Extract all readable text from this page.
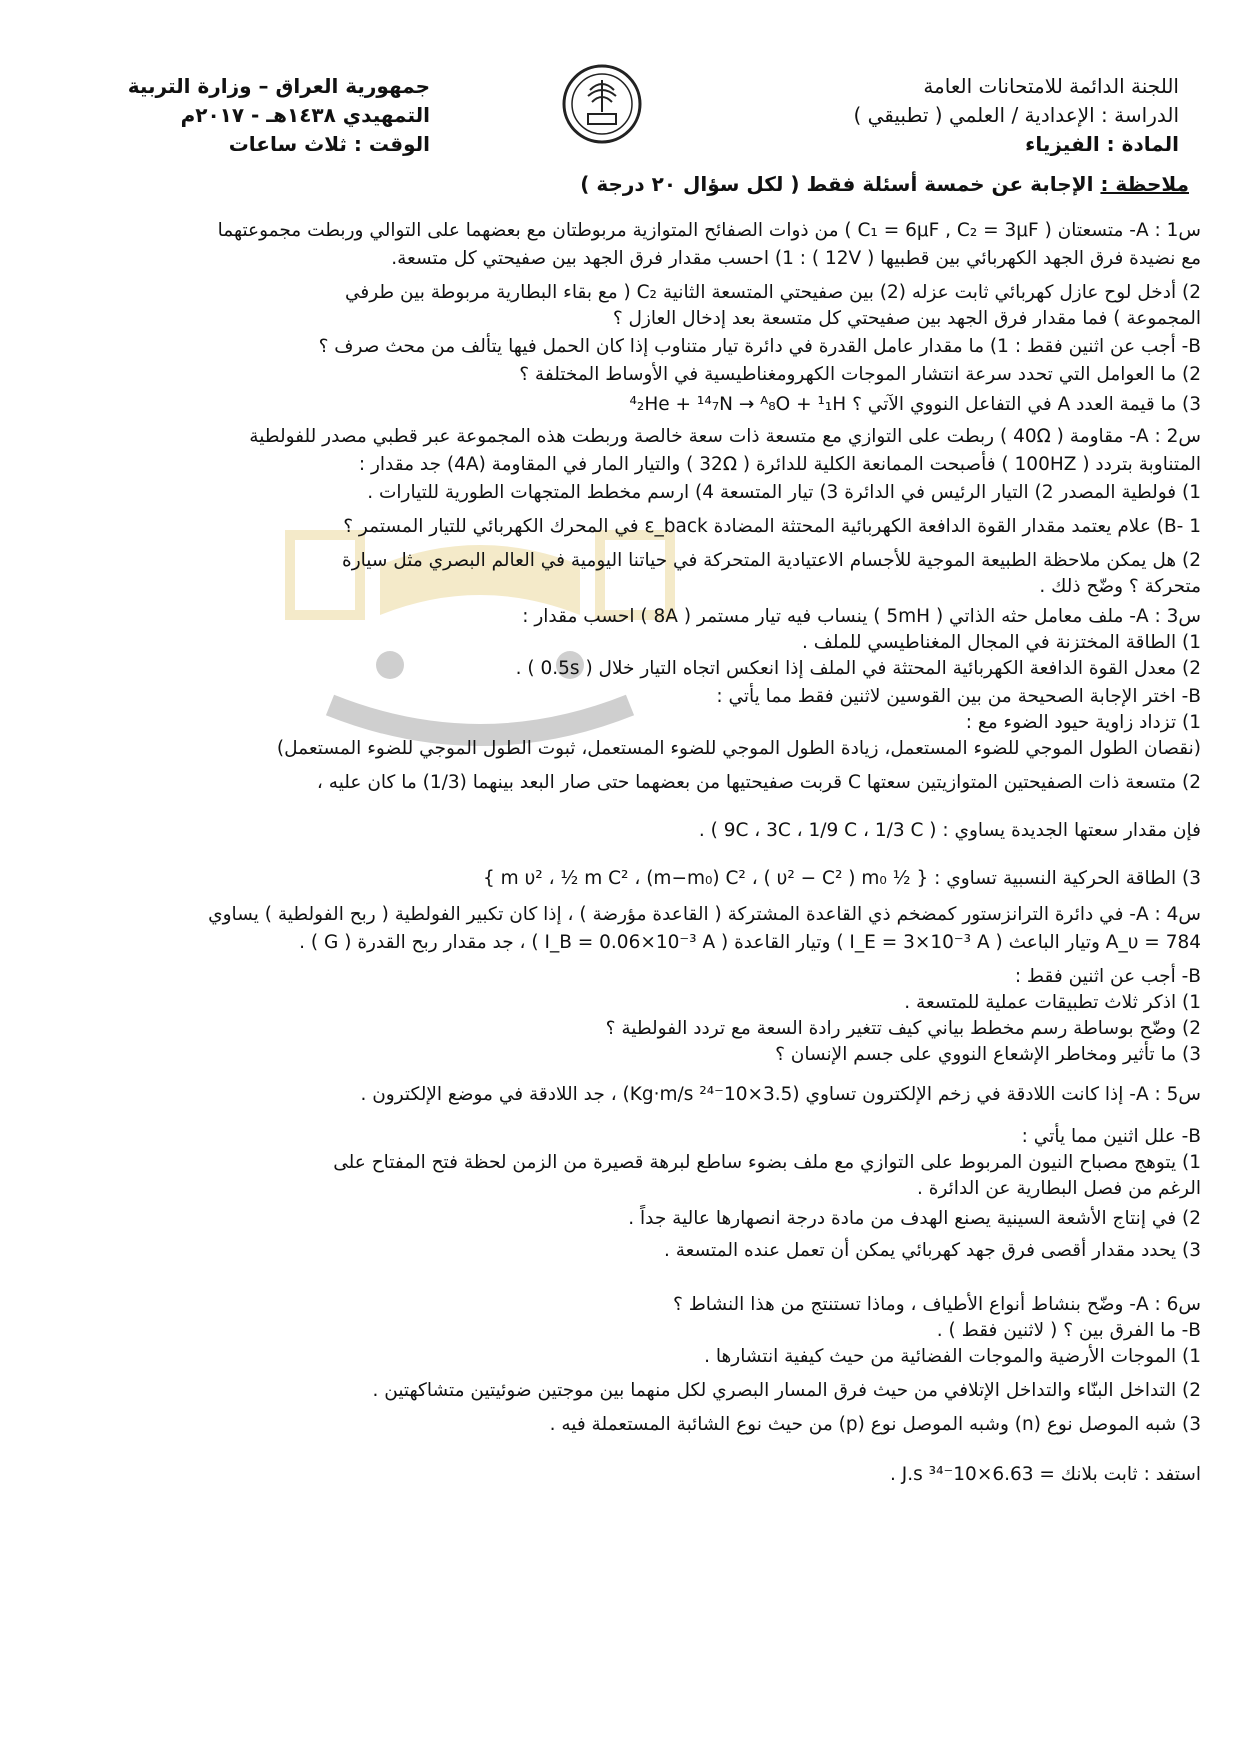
اللجنة الدائمة للامتحانات العامة
الدراسة : الإعدادية / العلمي ( تطبيقي )
المادة : الفيزياء
جمهورية العراق – وزارة التربية
التمهيدي ١٤٣٨هـ - ٢٠١٧م
الوقت : ثلاث ساعات
ملاحظة : الإجابة عن خمسة أسئلة فقط ( لكل سؤال ٢٠ درجة )
س1 : A- متسعتان ( C₁ = 6μF , C₂ = 3μF ) من ذوات الصفائح المتوازية مربوطتان مع بعضهما على التوالي وربطت مجموعتهما
مع نضيدة فرق الجهد الكهربائي بين قطبيها ( 12V ) : 1) احسب مقدار فرق الجهد بين صفيحتي كل متسعة.
2) أدخل لوح عازل كهربائي ثابت عزله (2) بين صفيحتي المتسعة الثانية C₂ ( مع بقاء البطارية مربوطة بين طرفي
المجموعة ) فما مقدار فرق الجهد بين صفيحتي كل متسعة بعد إدخال العازل ؟
B- أجب عن اثنين فقط : 1) ما مقدار عامل القدرة في دائرة تيار متناوب إذا كان الحمل فيها يتألف من محث صرف ؟
2) ما العوامل التي تحدد سرعة انتشار الموجات الكهرومغناطيسية في الأوساط المختلفة ؟
3) ما قيمة العدد A في التفاعل النووي الآتي ؟ ⁴₂He + ¹⁴₇N → ᴬ₈O + ¹₁H
س2 : A- مقاومة ( 40Ω ) ربطت على التوازي مع متسعة ذات سعة خالصة وربطت هذه المجموعة عبر قطبي مصدر للفولطية
المتناوبة بتردد ( 100HZ ) فأصبحت الممانعة الكلية للدائرة ( 32Ω ) والتيار المار في المقاومة (4A) جد مقدار :
1) فولطية المصدر 2) التيار الرئيس في الدائرة 3) تيار المتسعة 4) ارسم مخطط المتجهات الطورية للتيارات .
B- 1) علام يعتمد مقدار القوة الدافعة الكهربائية المحتثة المضادة ε_back في المحرك الكهربائي للتيار المستمر ؟
2) هل يمكن ملاحظة الطبيعة الموجية للأجسام الاعتيادية المتحركة في حياتنا اليومية في العالم البصري مثل سيارة
متحركة ؟ وضّح ذلك .
س3 : A- ملف معامل حثه الذاتي ( 5mH ) ينساب فيه تيار مستمر ( 8A ) احسب مقدار :
1) الطاقة المختزنة في المجال المغناطيسي للملف .
2) معدل القوة الدافعة الكهربائية المحتثة في الملف إذا انعكس اتجاه التيار خلال ( 0.5s ) .
B- اختر الإجابة الصحيحة من بين القوسين لاثنين فقط مما يأتي :
1) تزداد زاوية حيود الضوء مع :
(نقصان الطول الموجي للضوء المستعمل، زيادة الطول الموجي للضوء المستعمل، ثبوت الطول الموجي للضوء المستعمل)
2) متسعة ذات الصفيحتين المتوازيتين سعتها C قربت صفيحتيها من بعضهما حتى صار البعد بينهما (1/3) ما كان عليه ،
فإن مقدار سعتها الجديدة يساوي : ( 9C ، 3C ، 1/9 C ، 1/3 C ) .
3) الطاقة الحركية النسبية تساوي : { ½ m υ² ، ½ m C² ، (m−m₀) C² ، ( υ² − C² ) m₀ }
س4 : A- في دائرة الترانزستور كمضخم ذي القاعدة المشتركة ( القاعدة مؤرضة ) ، إذا كان تكبير الفولطية ( ربح الفولطية ) يساوي
784 = A_υ وتيار الباعث ( I_E = 3×10⁻³ A ) وتيار القاعدة ( I_B = 0.06×10⁻³ A ) ، جد مقدار ربح القدرة ( G ) .
B- أجب عن اثنين فقط :
1) اذكر ثلاث تطبيقات عملية للمتسعة .
2) وضّح بوساطة رسم مخطط بياني كيف تتغير رادة السعة مع تردد الفولطية ؟
3) ما تأثير ومخاطر الإشعاع النووي على جسم الإنسان ؟
س5 : A- إذا كانت اللادقة في زخم الإلكترون تساوي (3.5×10⁻²⁴ Kg·m/s) ، جد اللادقة في موضع الإلكترون .
B- علل اثنين مما يأتي :
1) يتوهج مصباح النيون المربوط على التوازي مع ملف بضوء ساطع لبرهة قصيرة من الزمن لحظة فتح المفتاح على
الرغم من فصل البطارية عن الدائرة .
2) في إنتاج الأشعة السينية يصنع الهدف من مادة درجة انصهارها عالية جداً .
3) يحدد مقدار أقصى فرق جهد كهربائي يمكن أن تعمل عنده المتسعة .
س6 : A- وضّح بنشاط أنواع الأطياف ، وماذا تستنتج من هذا النشاط ؟
B- ما الفرق بين ؟ ( لاثنين فقط ) .
1) الموجات الأرضية والموجات الفضائية من حيث كيفية انتشارها .
2) التداخل البنّاء والتداخل الإتلافي من حيث فرق المسار البصري لكل منهما بين موجتين ضوئيتين متشاكهتين .
3) شبه الموصل نوع (n) وشبه الموصل نوع (p) من حيث نوع الشائبة المستعملة فيه .
استفد : ثابت بلانك = 6.63×10⁻³⁴ J.s .
